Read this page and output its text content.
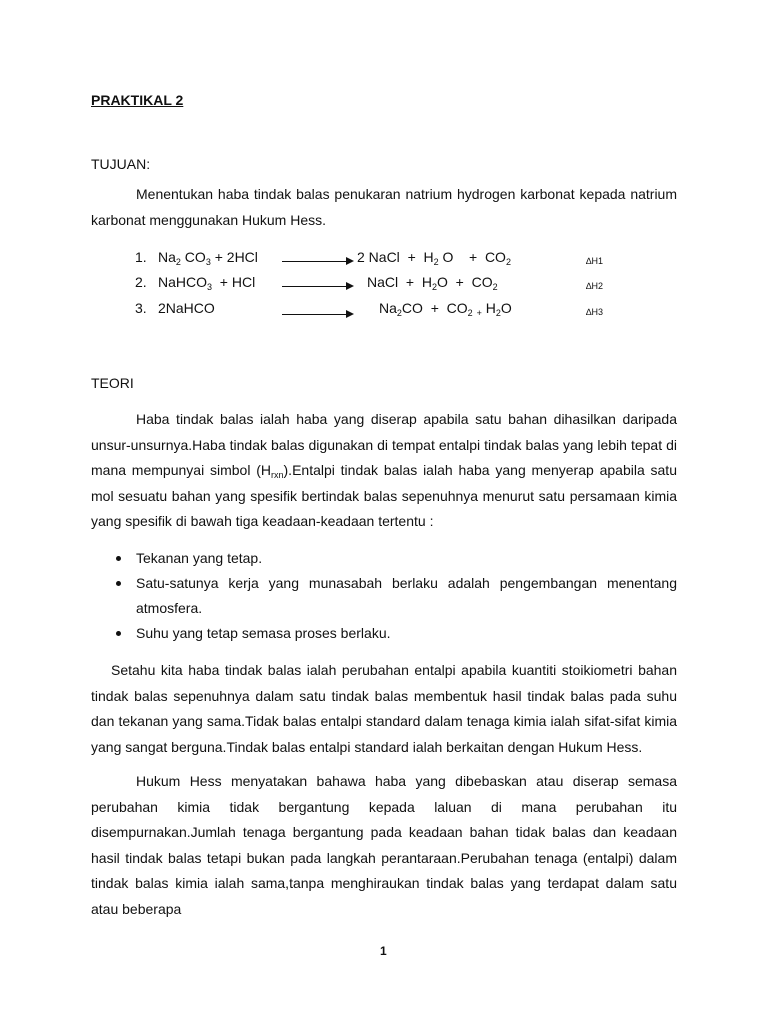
PRAKTIKAL 2
TUJUAN:
Menentukan haba tindak balas penukaran natrium hydrogen karbonat kepada natrium karbonat menggunakan Hukum Hess.
1. $Na_2$ $CO_3 + 2HCl$	2 NaCl  +  $H_2$ O    +  $CO_2$	∆H1
2. NaHCO$_3$  + HCl	NaCl  +  $H_2O + CO_2$	∆H2
3. 2NaHCO	$Na_2CO + CO_2$ $_+$ $H_2O$	∆H3
TEORI
Haba tindak balas ialah haba yang diserap apabila satu bahan dihasilkan daripada unsur-unsurnya.Haba tindak balas digunakan di tempat entalpi tindak balas yang lebih tepat di mana mempunyai simbol $(H_{rxn}).Entalpi$ tindak balas ialah haba yang menyerap apabila satu mol sesuatu bahan yang spesifik bertindak balas sepenuhnya menurut satu persamaan kimia yang spesifik di bawah tiga keadaan-keadaan tertentu :
Tekanan yang tetap.
Satu-satunya kerja yang munasabah berlaku adalah pengembangan menentang atmosfera.
Suhu yang tetap semasa proses berlaku.
Setahu kita haba tindak balas ialah perubahan entalpi apabila kuantiti stoikiometri bahan tindak balas sepenuhnya dalam satu tindak balas membentuk hasil tindak balas pada suhu dan tekanan yang sama.Tidak balas entalpi standard dalam tenaga kimia ialah sifat-sifat kimia yang sangat berguna.Tindak balas entalpi standard ialah berkaitan dengan Hukum Hess.
Hukum Hess menyatakan bahawa haba yang dibebaskan atau diserap semasa perubahan kimia tidak bergantung kepada laluan di mana perubahan itu disempurnakan.Jumlah tenaga bergantung pada keadaan bahan tidak balas dan keadaan hasil tindak balas tetapi bukan pada langkah perantaraan.Perubahan tenaga (entalpi) dalam tindak balas kimia ialah sama,tanpa menghiraukan tindak balas yang terdapat dalam satu atau beberapa
1
